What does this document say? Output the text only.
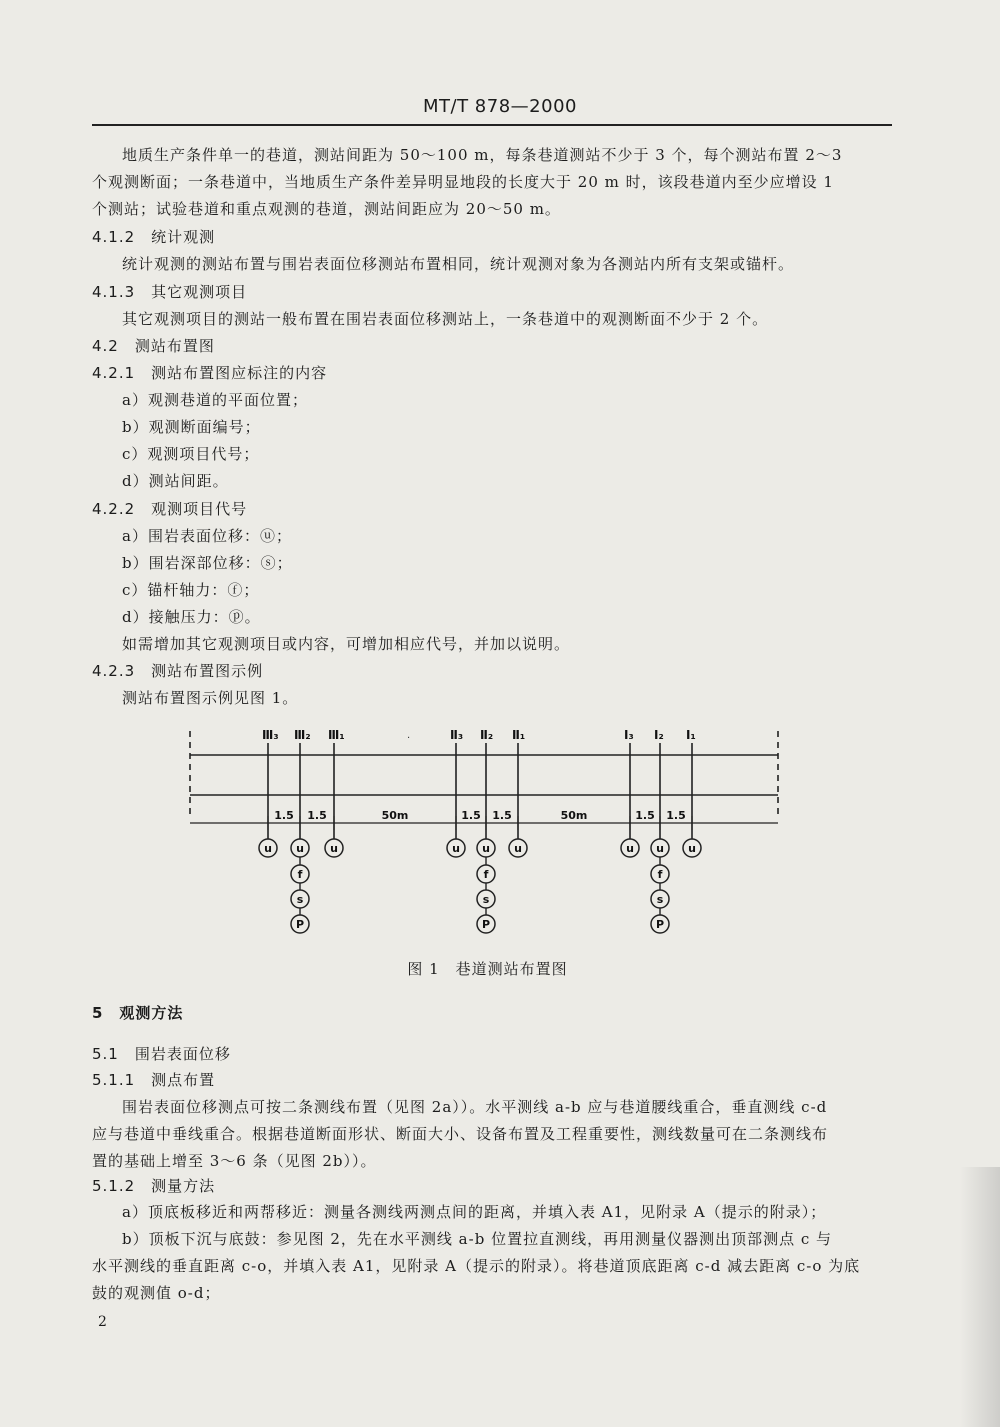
MT/T 878—2000
地质生产条件单一的巷道，测站间距为 50～100 m，每条巷道测站不少于 3 个，每个测站布置 2～3
个观测断面；一条巷道中，当地质生产条件差异明显地段的长度大于 20 m 时，该段巷道内至少应增设 1
个测站；试验巷道和重点观测的巷道，测站间距应为 20～50 m。
4.1.2　统计观测
统计观测的测站布置与围岩表面位移测站布置相同，统计观测对象为各测站内所有支架或锚杆。
4.1.3　其它观测项目
其它观测项目的测站一般布置在围岩表面位移测站上，一条巷道中的观测断面不少于 2 个。
4.2　测站布置图
4.2.1　测站布置图应标注的内容
a）观测巷道的平面位置；
b）观测断面编号；
c）观测项目代号；
d）测站间距。
4.2.2　观测项目代号
a）围岩表面位移：ⓤ；
b）围岩深部位移：ⓢ；
c）锚杆轴力：ⓕ；
d）接触压力：ⓟ。
如需增加其它观测项目或内容，可增加相应代号，并加以说明。
4.2.3　测站布置图示例
测站布置图示例见图 1。
·
Ⅲ₃ Ⅲ₂ Ⅲ₁	Ⅱ₃ Ⅱ₂ Ⅱ₁	Ⅰ₃ Ⅰ₂ Ⅰ₁
1.5 1.5	50m	1.5 1.5	50m	1.5 1.5
u u
f
s
P
u	u u
f
s
P
u	u u
f
s
P
u
图 1　巷道测站布置图
5　观测方法
5.1　围岩表面位移
5.1.1　测点布置
围岩表面位移测点可按二条测线布置（见图 2a））。水平测线 a-b 应与巷道腰线重合，垂直测线 c-d
应与巷道中垂线重合。根据巷道断面形状、断面大小、设备布置及工程重要性，测线数量可在二条测线布
置的基础上增至 3～6 条（见图 2b））。
5.1.2　测量方法
a）顶底板移近和两帮移近：测量各测线两测点间的距离，并填入表 A1，见附录 A（提示的附录）；
b）顶板下沉与底鼓：参见图 2，先在水平测线 a-b 位置拉直测线，再用测量仪器测出顶部测点 c 与
水平测线的垂直距离 c-o，并填入表 A1，见附录 A（提示的附录）。将巷道顶底距离 c-d 减去距离 c-o 为底
鼓的观测值 o-d；
2
